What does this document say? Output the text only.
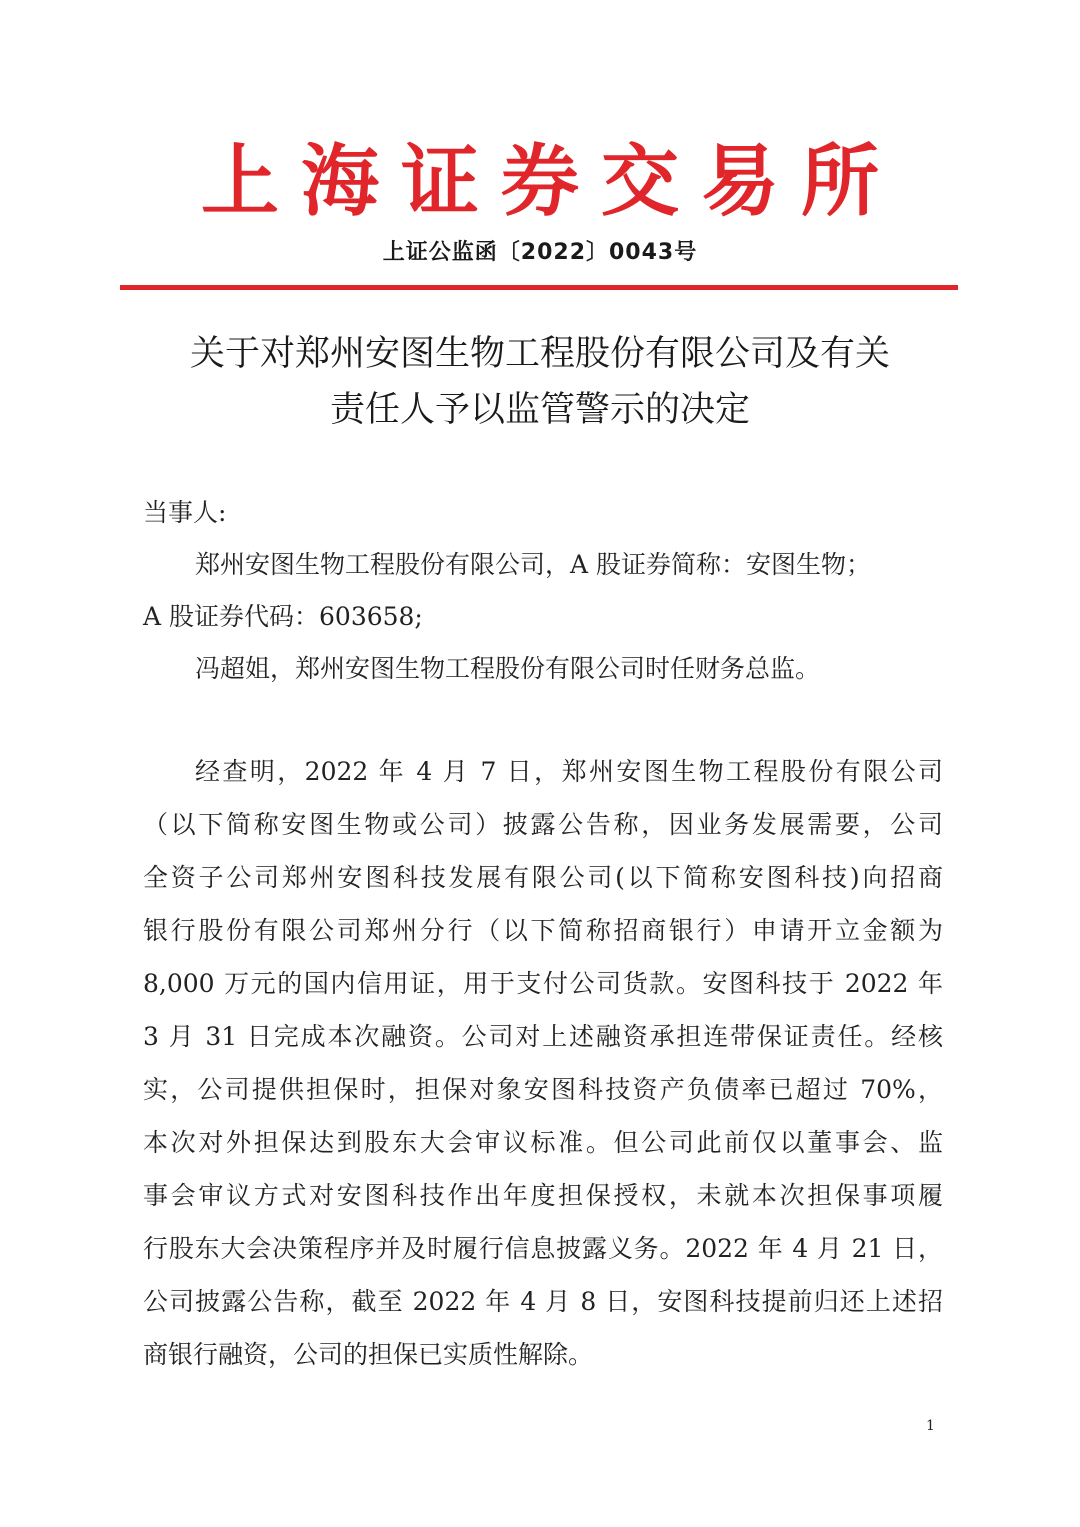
上海证券交易所
上证公监函〔2022〕0043号
关于对郑州安图生物工程股份有限公司及有关
责任人予以监管警示的决定
当事人:
郑州安图生物工程股份有限公司，A 股证券简称：安图生物；
A 股证券代码：603658;
冯超姐，郑州安图生物工程股份有限公司时任财务总监。
经查明，2022 年 4 月 7 日，郑州安图生物工程股份有限公司
（以下简称安图生物或公司）披露公告称，因业务发展需要，公司
全资子公司郑州安图科技发展有限公司(以下简称安图科技)向招商
银行股份有限公司郑州分行（以下简称招商银行）申请开立金额为
8,000 万元的国内信用证，用于支付公司货款。安图科技于 2022 年
3 月 31 日完成本次融资。公司对上述融资承担连带保证责任。经核
实，公司提供担保时，担保对象安图科技资产负债率已超过 70%，
本次对外担保达到股东大会审议标准。但公司此前仅以董事会、监
事会审议方式对安图科技作出年度担保授权，未就本次担保事项履
行股东大会决策程序并及时履行信息披露义务。2022 年 4 月 21 日，
公司披露公告称，截至 2022 年 4 月 8 日，安图科技提前归还上述招
商银行融资，公司的担保已实质性解除。
1
